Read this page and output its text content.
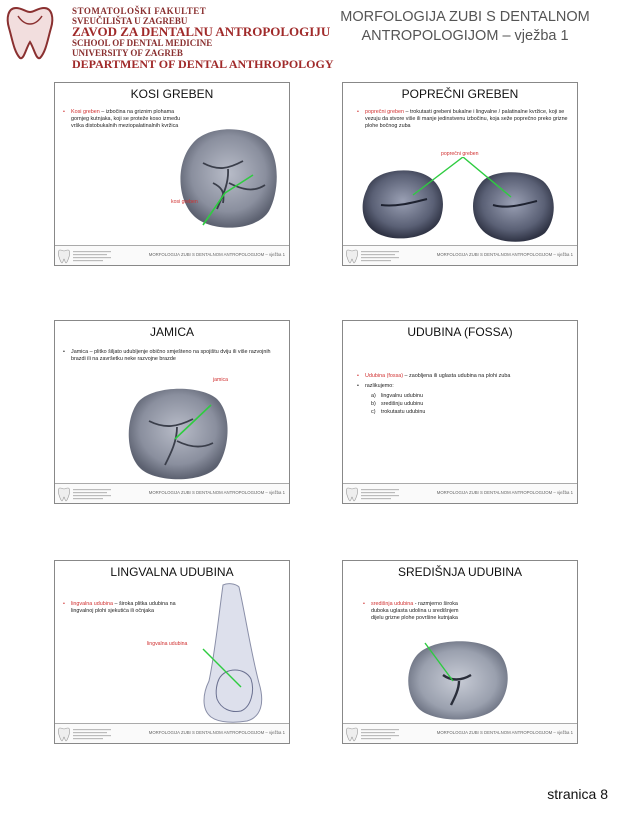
STOMATOLOŠKI FAKULTET
SVEUČILIŠTA U ZAGREBU
ZAVOD ZA DENTALNU ANTROPOLOGIJU
SCHOOL OF DENTAL MEDICINE
UNIVERSITY OF ZAGREB
DEPARTMENT OF DENTAL ANTHROPOLOGY
MORFOLOGIJA ZUBI S DENTALNOM
ANTROPOLOGIJOM – vježba 1
KOSI GREBEN
• Kosi greben – izbočina na griznim plohama gornjeg kutnjaka, koji se proteže koso između vrška distobukalnih meziopalatinalnih kvržica
kosi greben
MORFOLOGIJA ZUBI S DENTALNOM ANTROPOLOGIJOM – vježba 1
POPREČNI GREBEN
• poprečni greben – trokutasti grebeni bukalne i lingvalne / palatinalne kvržice, koji se vezuju da stvore više ili manje jedinstvenu izbočinu, koja seže poprečno preko grizne plohe bočnog zuba
poprečni greben
MORFOLOGIJA ZUBI S DENTALNOM ANTROPOLOGIJOM – vježba 1
JAMICA
• Jamica – plitko šiljato udubljenje obično smješteno na spojištu dviju ili više razvojnih brazdi ili na završetku neke razvojne brazde
jamica
MORFOLOGIJA ZUBI S DENTALNOM ANTROPOLOGIJOM – vježba 1
UDUBINA (FOSSA)
• Udubina (fossa) – zaobljena ili uglasta udubina na plohi zuba
• razlikujemo:
a) lingvalnu udubinu
b) središnju udubinu
c) trokutastu udubinu
MORFOLOGIJA ZUBI S DENTALNOM ANTROPOLOGIJOM – vježba 1
LINGVALNA UDUBINA
• lingvalna udubina – široka plitka udubina na lingvalnoj plohi sjekutića ili očnjaka
lingvalna udubina
MORFOLOGIJA ZUBI S DENTALNOM ANTROPOLOGIJOM – vježba 1
SREDIŠNJA UDUBINA
• središnja udubina - razmjerno široka duboka uglasta udolina u središnjem dijelu grizne plohe površine kutnjaka
MORFOLOGIJA ZUBI S DENTALNOM ANTROPOLOGIJOM – vježba 1
stranica 8
